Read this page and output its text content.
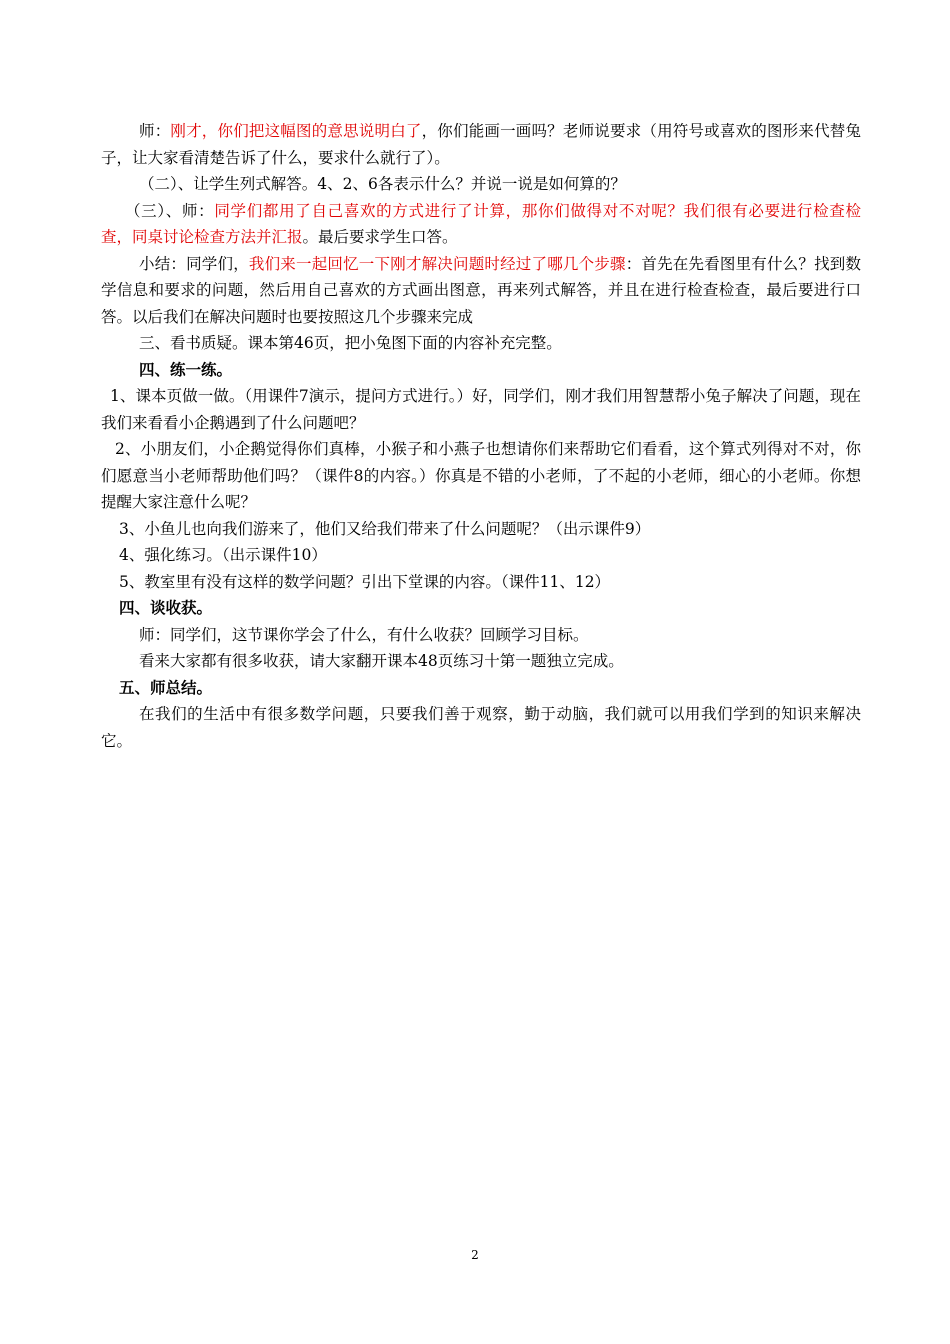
师：刚才，你们把这幅图的意思说明白了，你们能画一画吗？老师说要求（用符号或喜欢的图形来代替兔子，让大家看清楚告诉了什么，要求什么就行了）。

（二）、让学生列式解答。4、2、6各表示什么？并说一说是如何算的？

（三）、师：同学们都用了自己喜欢的方式进行了计算，那你们做得对不对呢？我们很有必要进行检查检查，同桌讨论检查方法并汇报。最后要求学生口答。

小结：同学们，我们来一起回忆一下刚才解决问题时经过了哪几个步骤：首先在先看图里有什么？找到数学信息和要求的问题，然后用自己喜欢的方式画出图意，再来列式解答，并且在进行检查检查，最后要进行口答。以后我们在解决问题时也要按照这几个步骤来完成

三、看书质疑。课本第46页，把小兔图下面的内容补充完整。

四、练一练。

1、课本页做一做。（用课件7演示，提问方式进行。）好，同学们，刚才我们用智慧帮小兔子解决了问题，现在我们来看看小企鹅遇到了什么问题吧？

2、小朋友们，小企鹅觉得你们真棒，小猴子和小燕子也想请你们来帮助它们看看，这个算式列得对不对，你们愿意当小老师帮助他们吗？（课件8的内容。）你真是不错的小老师，了不起的小老师，细心的小老师。你想提醒大家注意什么呢？

3、小鱼儿也向我们游来了，他们又给我们带来了什么问题呢？（出示课件9）

4、强化练习。（出示课件10）

5、教室里有没有这样的数学问题？引出下堂课的内容。（课件11、12）

四、谈收获。

师：同学们，这节课你学会了什么，有什么收获？回顾学习目标。

看来大家都有很多收获，请大家翻开课本48页练习十第一题独立完成。

五、师总结。

在我们的生活中有很多数学问题，只要我们善于观察，勤于动脑，我们就可以用我们学到的知识来解决它。

2
